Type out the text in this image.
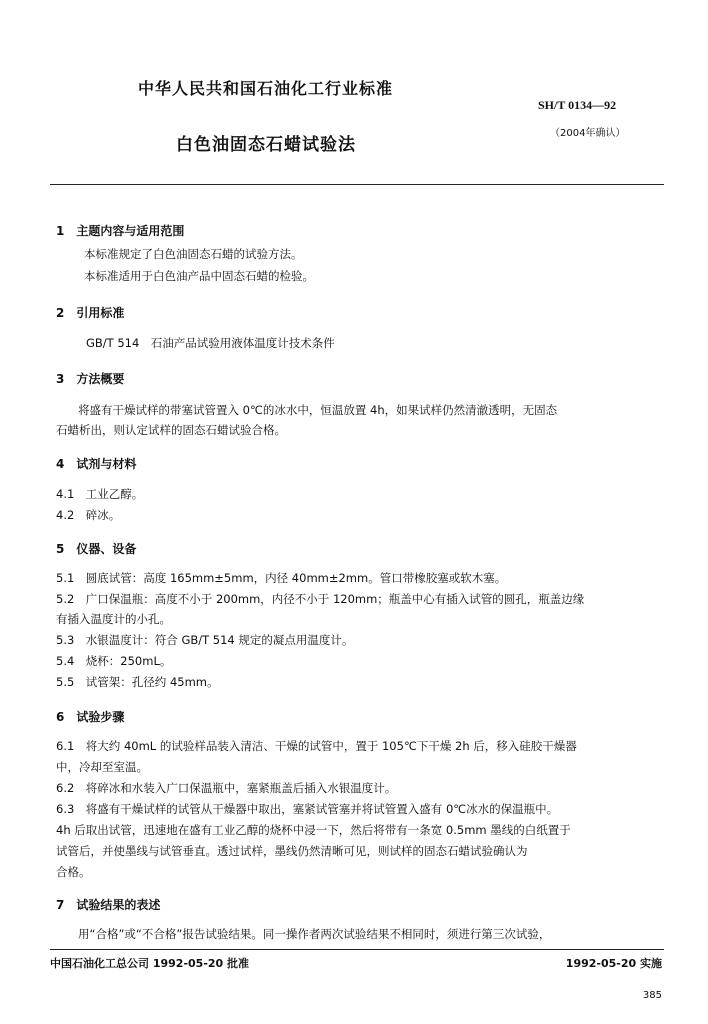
中华人民共和国石油化工行业标准
SH/T 0134—92
白色油固态石蜡试验法
（2004年确认）
1　主题内容与适用范围
本标准规定了白色油固态石蜡的试验方法。
本标准适用于白色油产品中固态石蜡的检验。
2　引用标准
GB/T 514　石油产品试验用液体温度计技术条件
3　方法概要
将盛有干燥试样的带塞试管置入 0℃的冰水中，恒温放置 4h，如果试样仍然清澈透明，无固态
石蜡析出，则认定试样的固态石蜡试验合格。
4　试剂与材料
4.1　工业乙醇。
4.2　碎冰。
5　仪器、设备
5.1　圆底试管：高度 165mm±5mm，内径 40mm±2mm。管口带橡胶塞或软木塞。
5.2　广口保温瓶：高度不小于 200mm，内径不小于 120mm；瓶盖中心有插入试管的圆孔，瓶盖边缘
有插入温度计的小孔。
5.3　水银温度计：符合 GB/T 514 规定的凝点用温度计。
5.4　烧杯：250mL。
5.5　试管架：孔径约 45mm。
6　试验步骤
6.1　将大约 40mL 的试验样品装入清洁、干燥的试管中，置于 105℃下干燥 2h 后，移入硅胶干燥器
中，冷却至室温。
6.2　将碎冰和水装入广口保温瓶中，塞紧瓶盖后插入水银温度计。
6.3　将盛有干燥试样的试管从干燥器中取出，塞紧试管塞并将试管置入盛有 0℃冰水的保温瓶中。
4h 后取出试管，迅速地在盛有工业乙醇的烧杯中浸一下，然后将带有一条宽 0.5mm 墨线的白纸置于
试管后，并使墨线与试管垂直。透过试样，墨线仍然清晰可见，则试样的固态石蜡试验确认为
合格。
7　试验结果的表述
用“合格”或“不合格”报告试验结果。同一操作者两次试验结果不相同时，须进行第三次试验，
中国石油化工总公司 1992-05-20 批准	1992-05-20 实施
385
